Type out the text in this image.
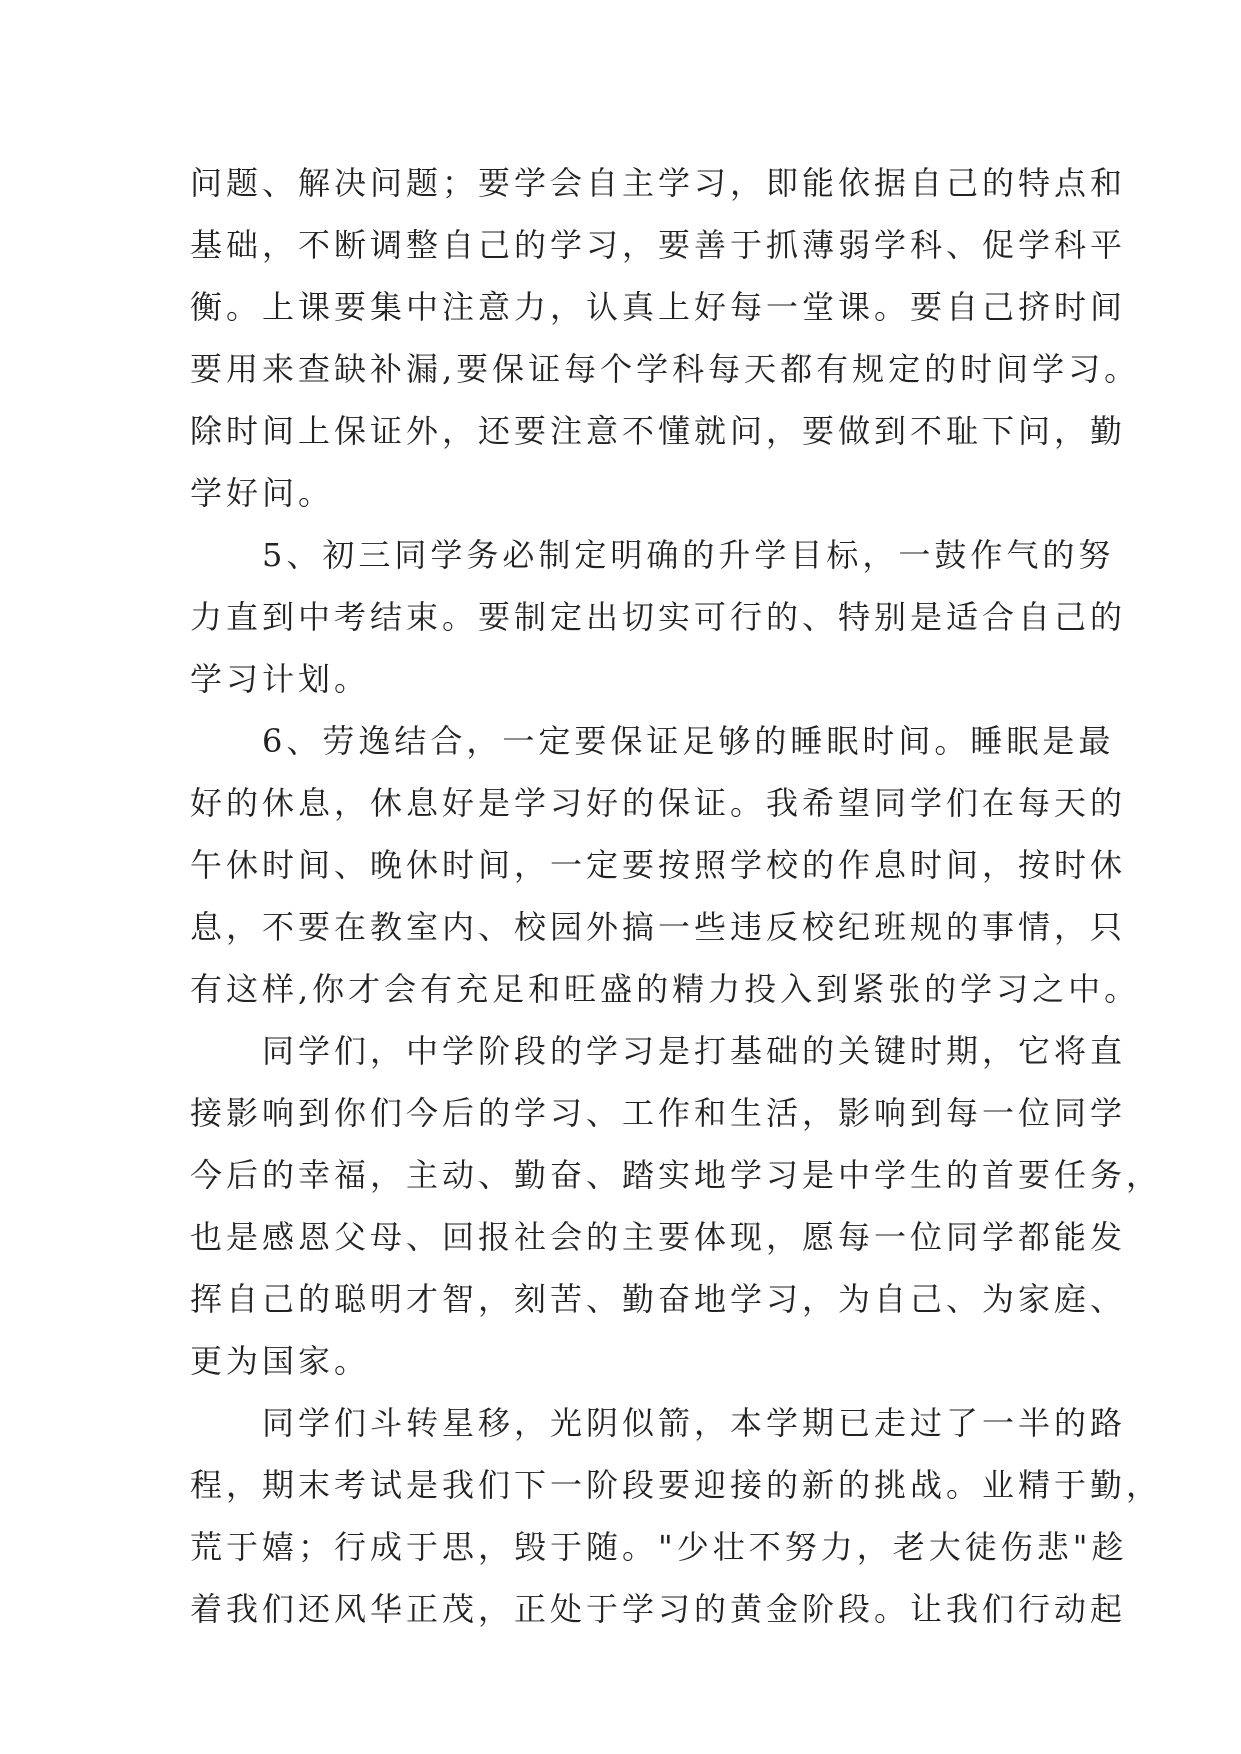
问题、解决问题；要学会自主学习，即能依据自己的特点和
基础，不断调整自己的学习，要善于抓薄弱学科、促学科平
衡。上课要集中注意力，认真上好每一堂课。要自己挤时间
要用来查缺补漏,要保证每个学科每天都有规定的时间学习。
除时间上保证外，还要注意不懂就问，要做到不耻下问，勤
学好问。
　　5、初三同学务必制定明确的升学目标，一鼓作气的努
力直到中考结束。要制定出切实可行的、特别是适合自己的
学习计划。
　　6、劳逸结合，一定要保证足够的睡眠时间。睡眠是最
好的休息，休息好是学习好的保证。我希望同学们在每天的
午休时间、晚休时间，一定要按照学校的作息时间，按时休
息，不要在教室内、校园外搞一些违反校纪班规的事情，只
有这样,你才会有充足和旺盛的精力投入到紧张的学习之中。
　　同学们，中学阶段的学习是打基础的关键时期，它将直
接影响到你们今后的学习、工作和生活，影响到每一位同学
今后的幸福，主动、勤奋、踏实地学习是中学生的首要任务，
也是感恩父母、回报社会的主要体现，愿每一位同学都能发
挥自己的聪明才智，刻苦、勤奋地学习，为自己、为家庭、
更为国家。
　　同学们斗转星移，光阴似箭，本学期已走过了一半的路
程，期末考试是我们下一阶段要迎接的新的挑战。业精于勤，
荒于嬉；行成于思，毁于随。"少壮不努力，老大徒伤悲"趁
着我们还风华正茂，正处于学习的黄金阶段。让我们行动起
